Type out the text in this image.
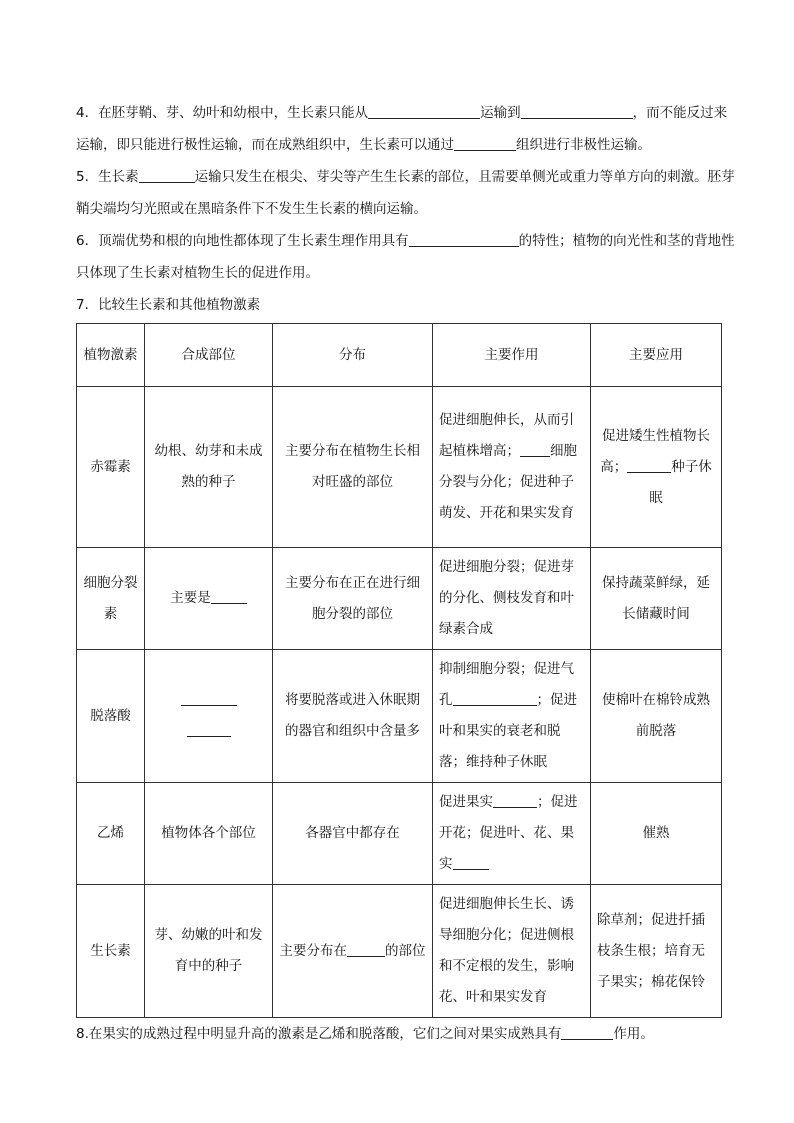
4．在胚芽鞘、芽、幼叶和幼根中，生长素只能从	运输到	，而不能反过来运输，即只能进行极性运输，而在成熟组织中，生长素可以通过	组织进行非极性运输。

5．生长素	运输只发生在根尖、芽尖等产生生长素的部位，且需要单侧光或重力等单方向的刺激。胚芽鞘尖端均匀光照或在黑暗条件下不发生生长素的横向运输。

6．顶端优势和根的向地性都体现了生长素生理作用具有	的特性；植物的向光性和茎的背地性只体现了生长素对植物生长的促进作用。

7．比较生长素和其他植物激素

植物激素	合成部位	分布	主要作用	主要应用
赤霉素	幼根、幼芽和未成熟的种子	主要分布在植物生长相对旺盛的部位	促进细胞伸长，从而引起植株增高； 细胞分裂与分化；促进种子萌发、开花和果实发育	促进矮生性植物长高； 种子休眠
细胞分裂素	主要是	主要分布在正在进行细胞分裂的部位	促进细胞分裂；促进芽的分化、侧枝发育和叶绿素合成	保持蔬菜鲜绿，延长储藏时间
脱落酸		将要脱落或进入休眠期的器官和组织中含量多	抑制细胞分裂；促进气孔 ；促进叶和果实的衰老和脱落；维持种子休眠	使棉叶在棉铃成熟前脱落
乙烯	植物体各个部位	各器官中都存在	促进果实 ；促进开花；促进叶、花、果实	催熟
生长素	芽、幼嫩的叶和发育中的种子	主要分布在 的部位	促进细胞伸长生长、诱导细胞分化；促进侧根和不定根的发生，影响花、叶和果实发育	除草剂；促进扦插枝条生根；培育无子果实；棉花保铃

8.在果实的成熟过程中明显升高的激素是乙烯和脱落酸，它们之间对果实成熟具有	作用。
